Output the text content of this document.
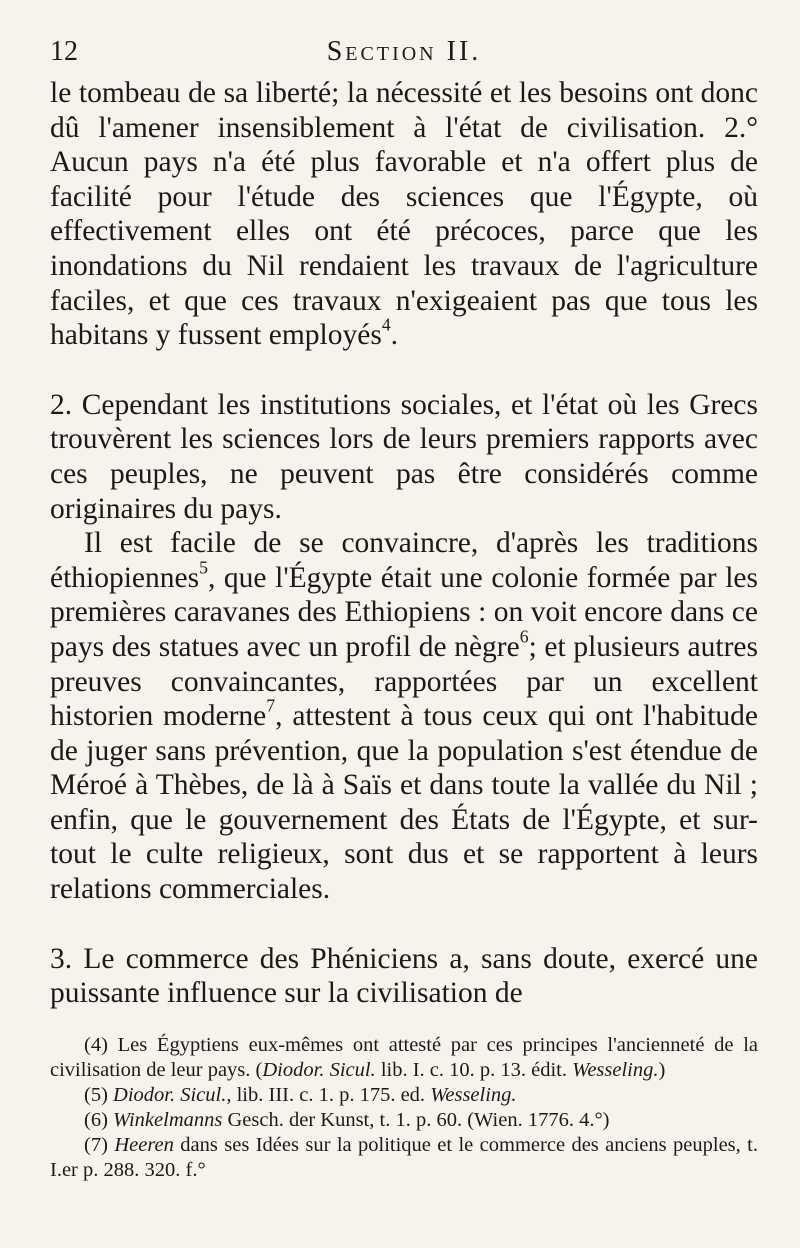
12	Section II.

le tombeau de sa liberté; la nécessité et les besoins ont donc dû l'amener insensiblement à l'état de civilisation. 2.° Aucun pays n'a été plus favorable et n'a offert plus de facilité pour l'étude des sciences que l'Égypte, où effectivement elles ont été précoces, parce que les inondations du Nil rendaient les travaux de l'agriculture faciles, et que ces travaux n'exigeaient pas que tous les habitans y fussent employés$^4$.

2. Cependant les institutions sociales, et l'état où les Grecs trouvèrent les sciences lors de leurs premiers rapports avec ces peuples, ne peuvent pas être considérés comme originaires du pays.

Il est facile de se convaincre, d'après les traditions éthiopiennes$^5$, que l'Égypte était une colonie formée par les premières caravanes des Ethiopiens : on voit encore dans ce pays des statues avec un profil de nègre$^6$; et plusieurs autres preuves convaincantes, rapportées par un excellent historien moderne$^7$, attestent à tous ceux qui ont l'habitude de juger sans prévention, que la population s'est étendue de Méroé à Thèbes, de là à Saïs et dans toute la vallée du Nil ; enfin, que le gouvernement des États de l'Égypte, et sur-tout le culte religieux, sont dus et se rapportent à leurs relations commerciales.

3. Le commerce des Phéniciens a, sans doute, exercé une puissante influence sur la civilisation de

(4) Les Égyptiens eux-mêmes ont attesté par ces principes l'ancienneté de la civilisation de leur pays. (Diodor. Sicul. lib. I. c. 10. p. 13. édit. Wesseling.)

(5) Diodor. Sicul., lib. III. c. 1. p. 175. ed. Wesseling.

(6) Winkelmanns Gesch. der Kunst, t. 1. p. 60. (Wien. 1776. 4.°)

(7) Heeren dans ses Idées sur la politique et le commerce des anciens peuples, t. I.er p. 288. 320. f.°
